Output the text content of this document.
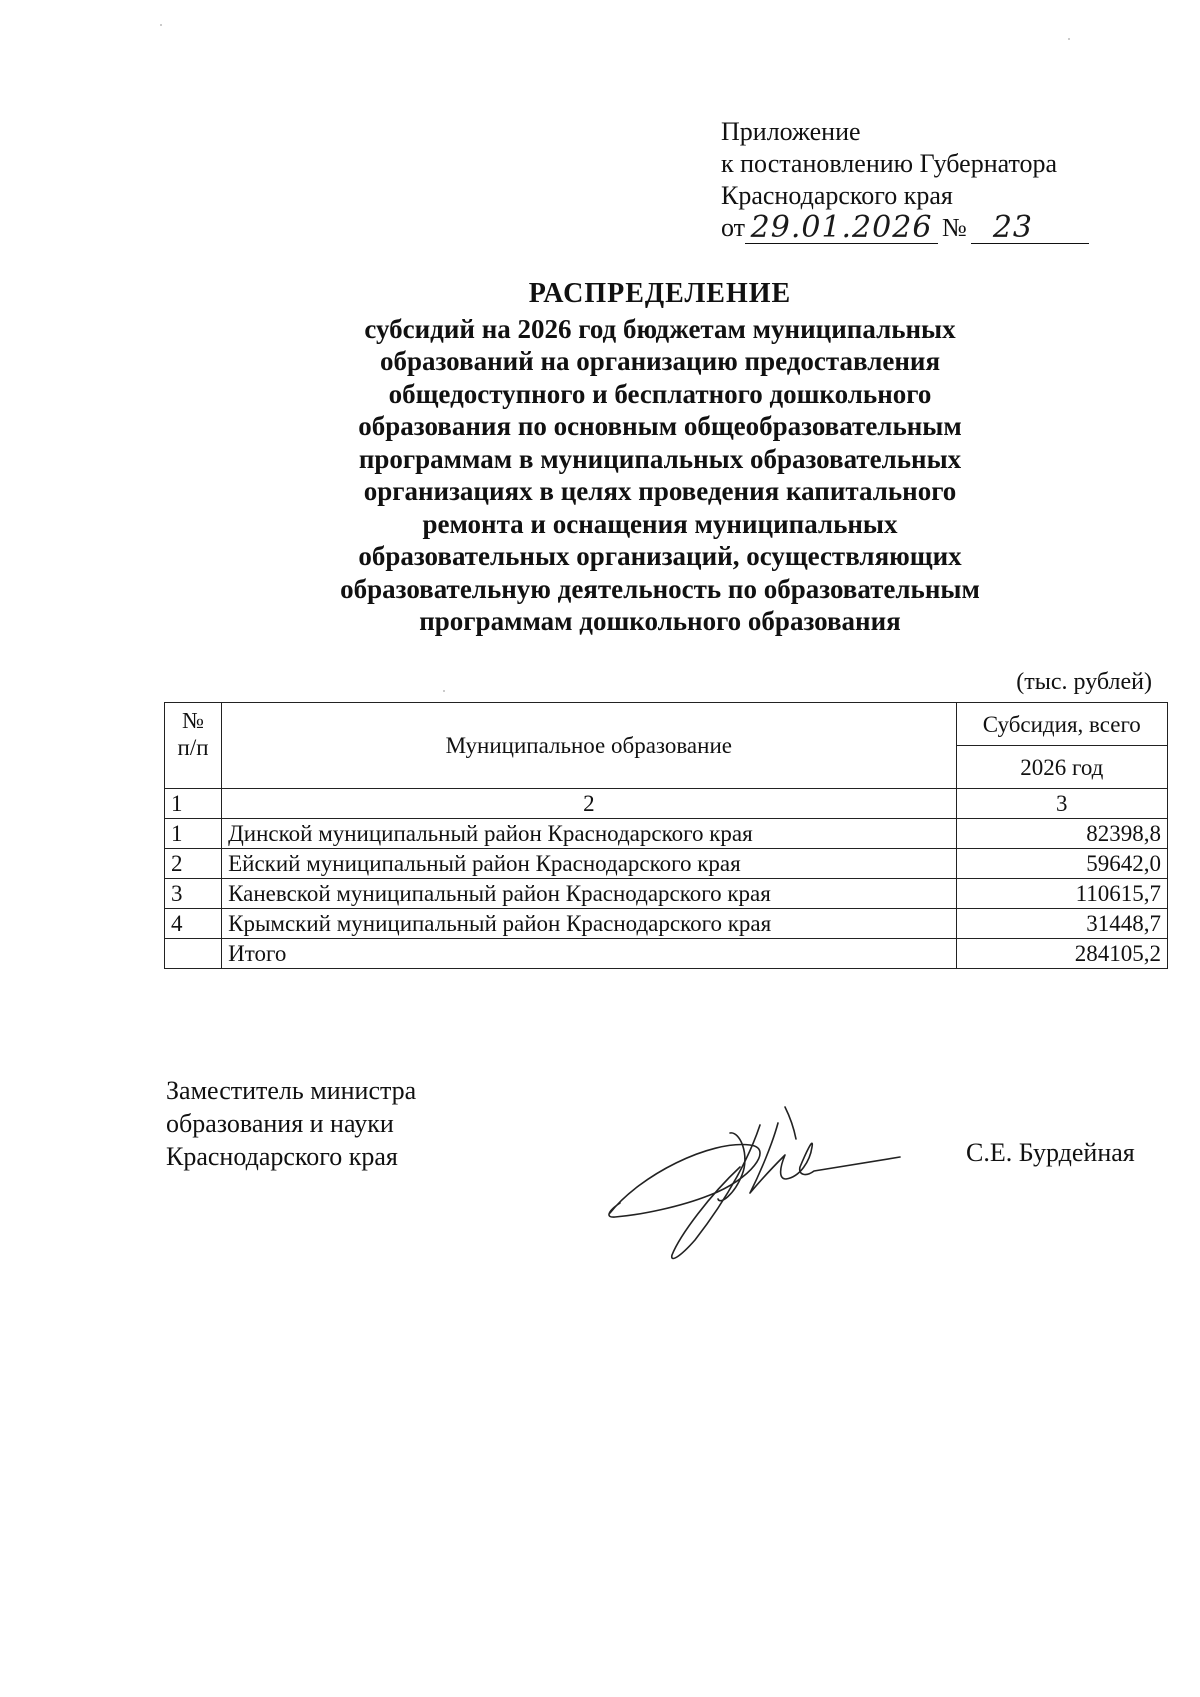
Приложение
к постановлению Губернатора
Краснодарского края
от 29.01.2026 № 23
РАСПРЕДЕЛЕНИЕ
субсидий на 2026 год бюджетам муниципальных
образований на организацию предоставления
общедоступного и бесплатного дошкольного
образования по основным общеобразовательным
программам в муниципальных образовательных
организациях в целях проведения капитального
ремонта и оснащения муниципальных
образовательных организаций, осуществляющих
образовательную деятельность по образовательным
программам дошкольного образования
(тыс. рублей)
№
п/п	Муниципальное образование	Субсидия, всего
		2026 год
1	2	3
1	Динской муниципальный район Краснодарского края	82398,8
2	Ейский муниципальный район Краснодарского края	59642,0
3	Каневской муниципальный район Краснодарского края	110615,7
4	Крымский муниципальный район Краснодарского края	31448,7
	Итого	284105,2
Заместитель министра
образования и науки
Краснодарского края	С.Е. Бурдейная
